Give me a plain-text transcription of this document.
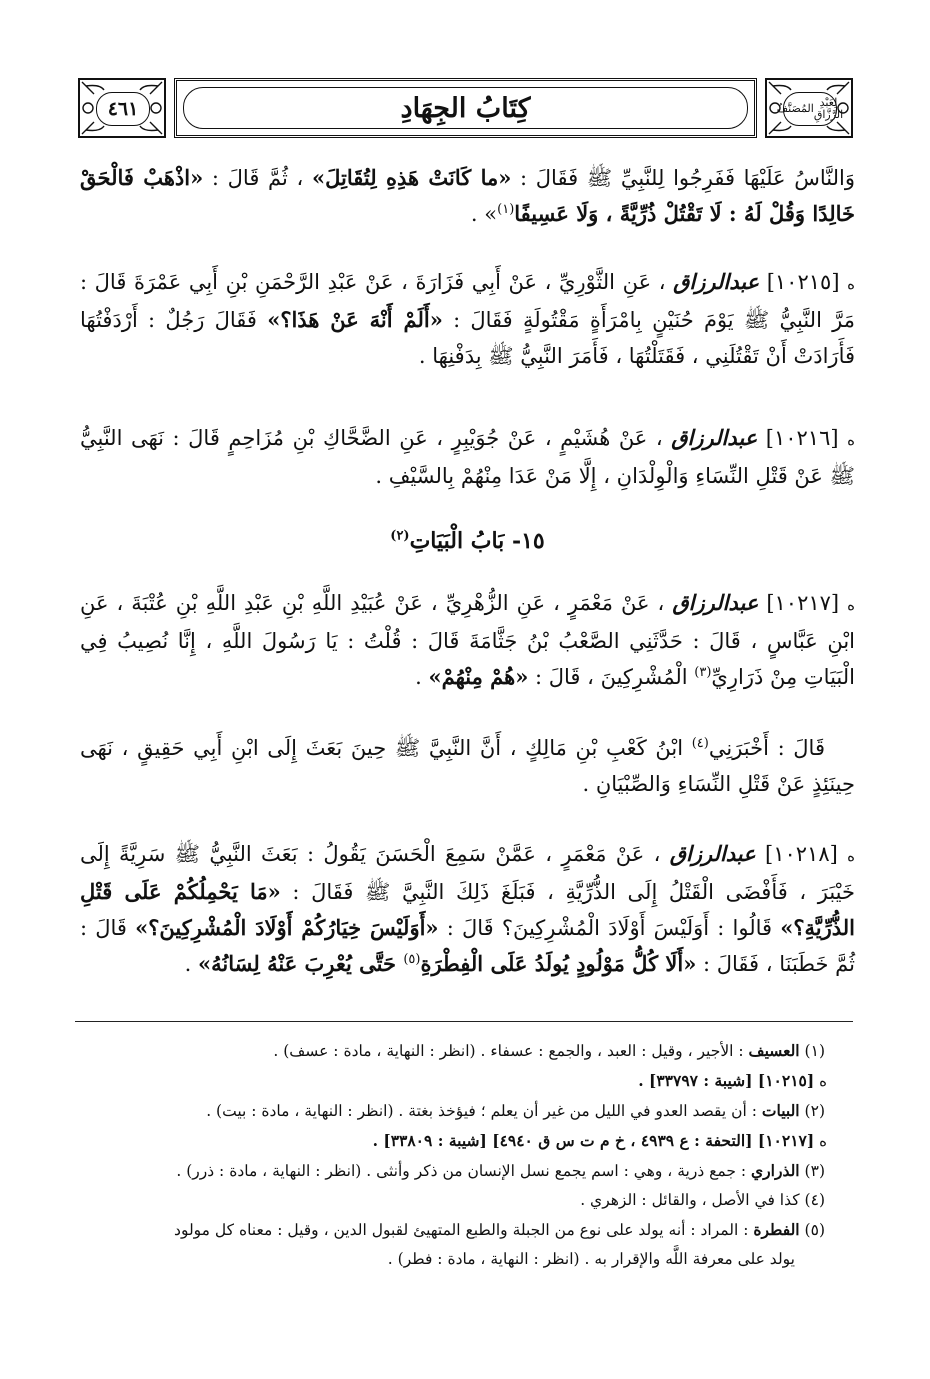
٤٦١	كِتَابُ الجِهَادِ	المُصَنَّفُ لِعَبْدِ الرَّزَّاقِ

وَالنَّاسُ عَلَيْهَا فَفَرِجُوا لِلنَّبِيِّ ﷺ فَقَالَ : «ما كَانَتْ هَذِهِ لِتُقَاتِلَ» ، ثُمَّ قَالَ : «اذْهَبْ فَالْحَقْ خَالِدًا وَقُلْ لَهُ : لَا تَقْتُلْ ذُرِّيَّةً ، وَلَا عَسِيفًا$^{(١)}$» .

ه [١٠٢١٥] عبدالرزاق ، عَنِ الثَّوْرِيِّ ، عَنْ أَبِي فَزَارَةَ ، عَنْ عَبْدِ الرَّحْمَنِ بْنِ أَبِي عَمْرَةَ قَالَ : مَرَّ النَّبِيُّ ﷺ يَوْمَ حُنَيْنٍ بِامْرَأَةٍ مَقْتُولَةٍ فَقَالَ : «أَلَمْ أَنْهَ عَنْ هَذَا؟» فَقَالَ رَجُلٌ : أَرْدَفْتُهَا فَأَرَادَتْ أَنْ تَقْتُلَنِي ، فَقَتَلْتُهَا ، فَأَمَرَ النَّبِيُّ ﷺ بِدَفْنِهَا .

ه [١٠٢١٦] عبدالرزاق ، عَنْ هُشَيْمٍ ، عَنْ جُوَيْبِرٍ ، عَنِ الضَّحَّاكِ بْنِ مُزَاحِمٍ قَالَ : نَهَى النَّبِيُّ ﷺ عَنْ قَتْلِ النِّسَاءِ وَالْوِلْدَانِ ، إِلَّا مَنْ عَدَا مِنْهُمْ بِالسَّيْفِ .

١٥- بَابُ الْبَيَاتِ$^{(٢)}$

ه [١٠٢١٧] عبدالرزاق ، عَنْ مَعْمَرٍ ، عَنِ الزُّهْرِيِّ ، عَنْ عُبَيْدِ اللَّهِ بْنِ عَبْدِ اللَّهِ بْنِ عُتْبَةَ ، عَنِ ابْنِ عَبَّاسٍ ، قَالَ : حَدَّثَنِي الصَّعْبُ بْنُ جَثَّامَةَ قَالَ : قُلْتُ : يَا رَسُولَ اللَّهِ ، إِنَّا نُصِيبُ فِي الْبَيَاتِ مِنْ ذَرَارِيِّ$^{(٣)}$ الْمُشْرِكِينَ ، قَالَ : «هُمْ مِنْهُمْ» .

قَالَ : أَخْبَرَنِي$^{(٤)}$ ابْنُ كَعْبِ بْنِ مَالِكٍ ، أَنَّ النَّبِيَّ ﷺ حِينَ بَعَثَ إِلَى ابْنِ أَبِي حَقِيقٍ ، نَهَى حِينَئِذٍ عَنْ قَتْلِ النِّسَاءِ وَالصِّبْيَانِ .

ه [١٠٢١٨] عبدالرزاق ، عَنْ مَعْمَرٍ ، عَمَّنْ سَمِعَ الْحَسَنَ يَقُولُ : بَعَثَ النَّبِيُّ ﷺ سَرِيَّةً إِلَى خَيْبَرَ ، فَأَفْضَى الْقَتْلُ إِلَى الذُّرِّيَّةِ ، فَبَلَغَ ذَلِكَ النَّبِيَّ ﷺ فَقَالَ : «مَا يَحْمِلُكُمْ عَلَى قَتْلِ الذُّرِّيَّةِ؟» قَالُوا : أَوَلَيْسَ أَوْلَادَ الْمُشْرِكِينَ؟ قَالَ : «أَوَلَيْسَ خِيَارُكُمْ أَوْلَادَ الْمُشْرِكِينَ؟» قَالَ : ثُمَّ خَطَبَنَا ، فَقَالَ : «أَلَا كُلُّ مَوْلُودٍ يُولَدُ عَلَى الْفِطْرَةِ$^{(٥)}$ حَتَّى يُعْرِبَ عَنْهُ لِسَانُهُ» .

(١) العسيف : الأجير ، وقيل : العبد ، والجمع : عسفاء . (انظر : النهاية ، مادة : عسف) .
ه [١٠٢١٥] [شيبة : ٣٣٧٩٧] .
(٢) البيات : أن يقصد العدو في الليل من غير أن يعلم ؛ فيؤخذ بغتة . (انظر : النهاية ، مادة : بيت) .
ه [١٠٢١٧] [التحفة : ع ٤٩٣٩ ، خ م ت س ق ٤٩٤٠] [شيبة : ٣٣٨٠٩] .
(٣) الذراري : جمع ذرية ، وهي : اسم يجمع نسل الإنسان من ذكر وأنثى . (انظر : النهاية ، مادة : ذرر) .
(٤) كذا في الأصل ، والقائل : الزهري .
(٥) الفطرة : المراد : أنه يولد على نوع من الجبلة والطبع المتهيئ لقبول الدين ، وقيل : معناه كل مولود
يولد على معرفة اللَّه والإقرار به . (انظر : النهاية ، مادة : فطر) .
